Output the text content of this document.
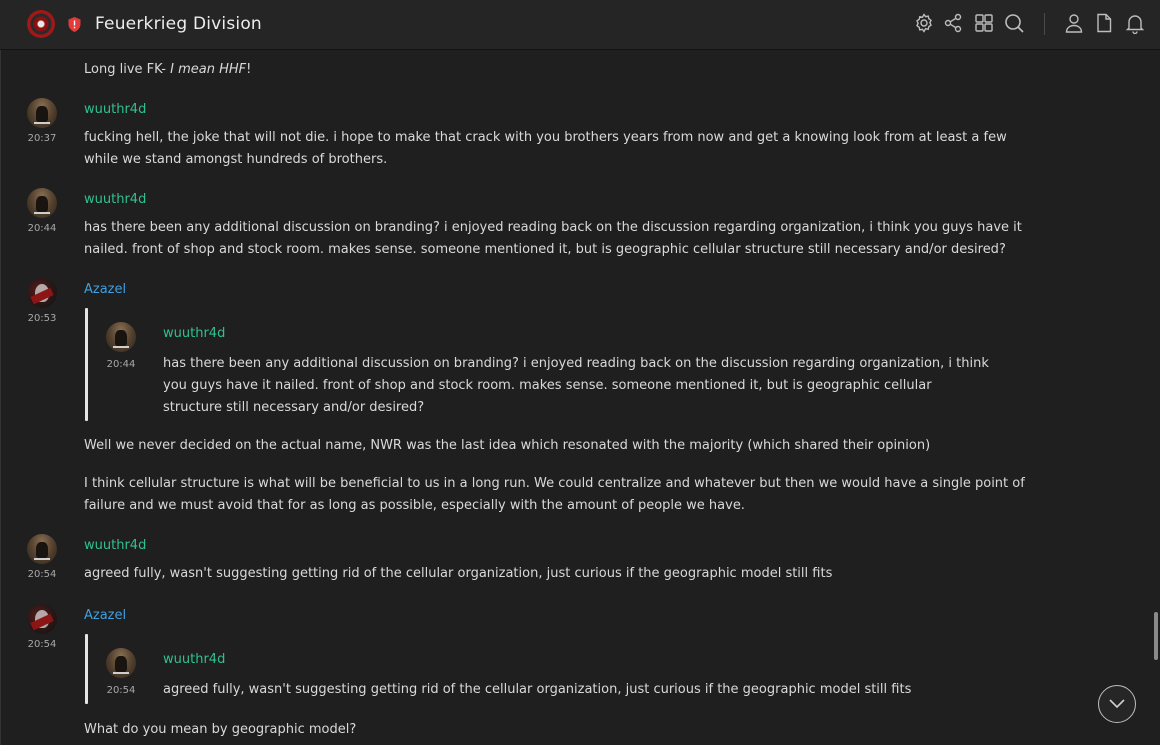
Feuerkrieg Division
Long live FK- I mean HHF!
20:37
wuuthr4d
fucking hell, the joke that will not die. i hope to make that crack with you brothers years from now and get a knowing look from at least a few
while we stand amongst hundreds of brothers.
20:44
wuuthr4d
has there been any additional discussion on branding? i enjoyed reading back on the discussion regarding organization, i think you guys have it
nailed. front of shop and stock room. makes sense. someone mentioned it, but is geographic cellular structure still necessary and/or desired?
20:53
Azazel
20:44
wuuthr4d
has there been any additional discussion on branding? i enjoyed reading back on the discussion regarding organization, i think
you guys have it nailed. front of shop and stock room. makes sense. someone mentioned it, but is geographic cellular
structure still necessary and/or desired?
Well we never decided on the actual name, NWR was the last idea which resonated with the majority (which shared their opinion)
I think cellular structure is what will be beneficial to us in a long run. We could centralize and whatever but then we would have a single point of
failure and we must avoid that for as long as possible, especially with the amount of people we have.
20:54
wuuthr4d
agreed fully, wasn't suggesting getting rid of the cellular organization, just curious if the geographic model still fits
20:54
Azazel
20:54
wuuthr4d
agreed fully, wasn't suggesting getting rid of the cellular organization, just curious if the geographic model still fits
What do you mean by geographic model?
